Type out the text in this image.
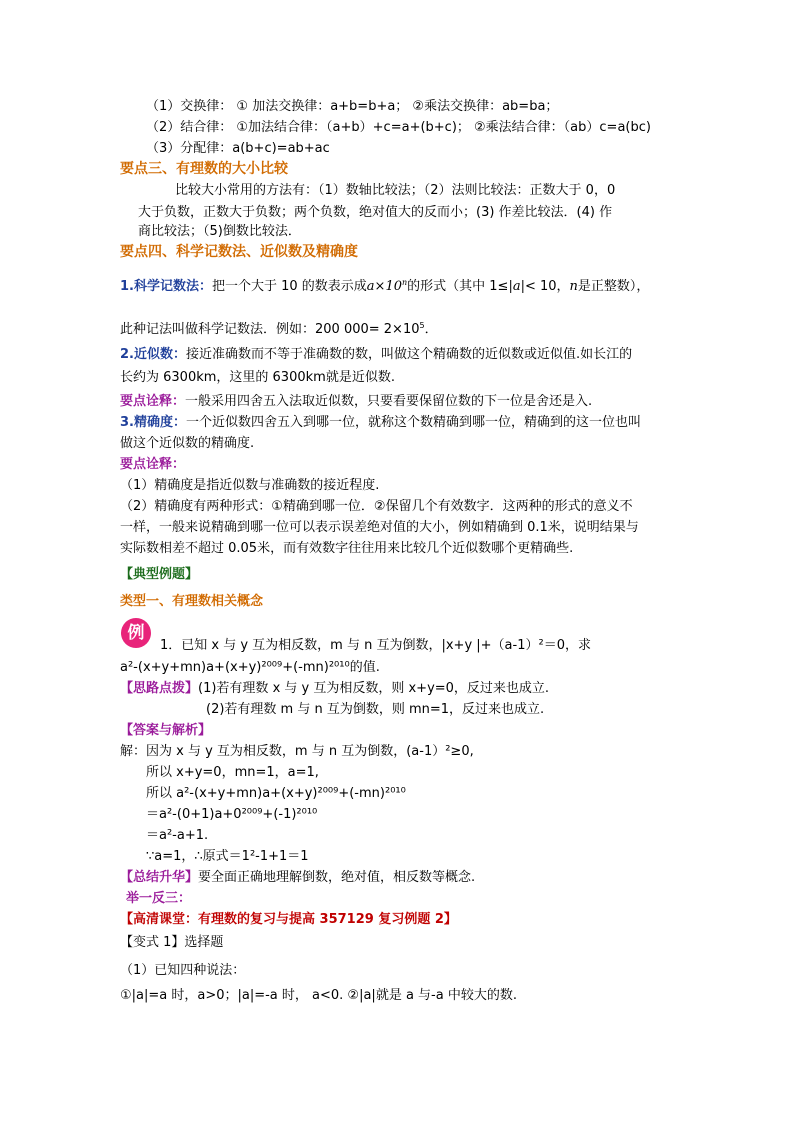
（1）交换律： ① 加法交换律：a+b=b+a； ②乘法交换律：ab=ba；
（2）结合律： ①加法结合律：（a+b）+c=a+(b+c)； ②乘法结合律：（ab）c=a(bc)
（3）分配律：a(b+c)=ab+ac
要点三、有理数的大小比较
比较大小常用的方法有：（1）数轴比较法；（2）法则比较法：正数大于 0，0
大于负数，正数大于负数；两个负数，绝对值大的反而小；(3) 作差比较法．(4) 作
商比较法；（5)倒数比较法．
要点四、科学记数法、近似数及精确度
1.科学记数法：把一个大于 10 的数表示成$a\times 10^n$的形式（其中 1≤|a|< 10，n是正整数），
此种记法叫做科学记数法．例如：200 $000= 2\times 10^5$．
2.近似数：接近准确数而不等于准确数的数，叫做这个精确数的近似数或近似值.如长江的
长约为 6300km，这里的 6300km就是近似数.
要点诠释：一般采用四舍五入法取近似数，只要看要保留位数的下一位是舍还是入.
3.精确度：一个近似数四舍五入到哪一位，就称这个数精确到哪一位，精确到的这一位也叫
做这个近似数的精确度.
要点诠释：
（1）精确度是指近似数与准确数的接近程度.
（2）精确度有两种形式：①精确到哪一位．②保留几个有效数字．这两种的形式的意义不
一样，一般来说精确到哪一位可以表示误差绝对值的大小，例如精确到 0.1米，说明结果与
实际数相差不超过 0.05米，而有效数字往往用来比较几个近似数哪个更精确些.
【典型例题】
类型一、有理数相关概念
例
1．已知 x 与 y 互为相反数，m 与 n 互为倒数，|x+y |+（a-1）²＝0，求
a²-(x+y+mn)a+(x+y)²⁰⁰⁹+(-mn)²⁰¹⁰的值.
【思路点拨】(1)若有理数 x 与 y 互为相反数，则 x+y=0，反过来也成立.
(2)若有理数 m 与 n 互为倒数，则 mn=1，反过来也成立.
【答案与解析】
解：因为 x 与 y 互为相反数，m 与 n 互为倒数，(a-1）²≥0,
所以 x+y=0，mn=1，a=1,
所以 a²-(x+y+mn)a+(x+y)²⁰⁰⁹+(-mn)²⁰¹⁰
＝a²-(0+1)a+0²⁰⁰⁹+(-1)²⁰¹⁰
＝a²-a+1.
∵a=1，∴原式＝1²-1+1＝1
【总结升华】要全面正确地理解倒数，绝对值，相反数等概念.
举一反三：
【高清课堂：有理数的复习与提高 357129 复习例题 2】
【变式 1】选择题
（1）已知四种说法：
①|a|=a 时，a>0；|a|=-a 时， a<0. ②|a|就是 a 与-a 中较大的数.
